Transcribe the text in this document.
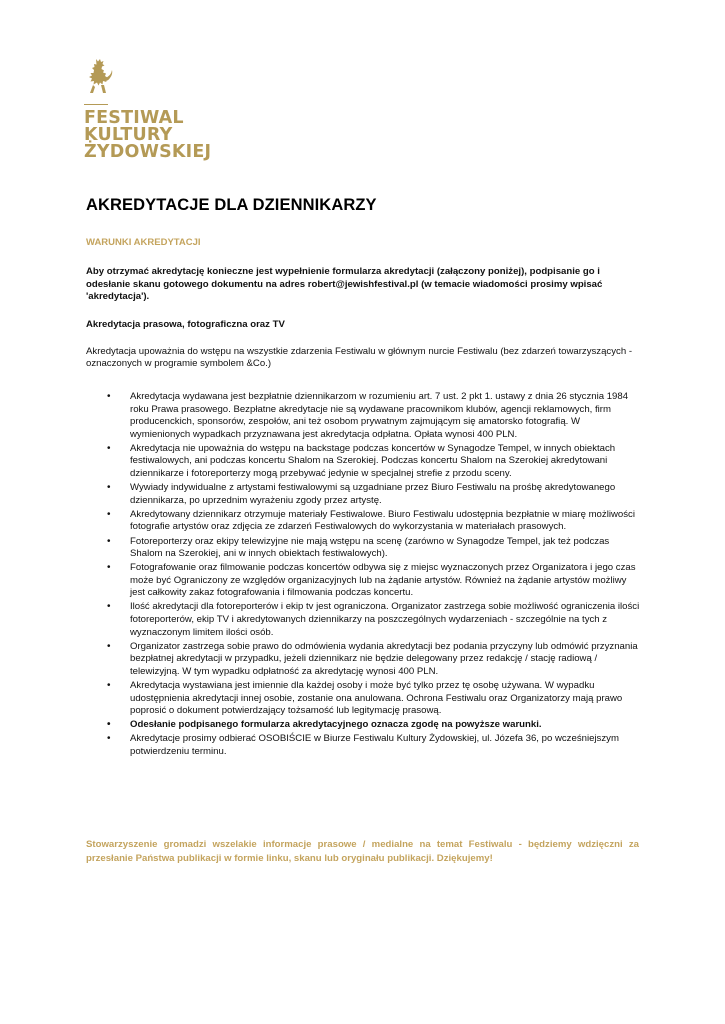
FESTIWAL
KULTURY
ŻYDOWSKIEJ
AKREDYTACJE DLA DZIENNIKARZY
WARUNKI AKREDYTACJI
Aby otrzymać akredytację konieczne jest wypełnienie formularza akredytacji (załączony poniżej), podpisanie go i odesłanie skanu gotowego dokumentu na adres robert@jewishfestival.pl (w temacie wiadomości prosimy wpisać 'akredytacja').
Akredytacja prasowa, fotograficzna oraz TV
Akredytacja upoważnia do wstępu na wszystkie zdarzenia Festiwalu w głównym nurcie Festiwalu (bez zdarzeń towarzyszących - oznaczonych w programie symbolem &Co.)
• Akredytacja wydawana jest bezpłatnie dziennikarzom w rozumieniu art. 7 ust. 2 pkt 1. ustawy z dnia 26 stycznia 1984 roku Prawa prasowego. Bezpłatne akredytacje nie są wydawane pracownikom klubów, agencji reklamowych, firm producenckich, sponsorów, zespołów, ani też osobom prywatnym zajmującym się amatorsko fotografią. W wymienionych wypadkach przyznawana jest akredytacja odpłatna. Opłata wynosi 400 PLN.
• Akredytacja nie upoważnia do wstępu na backstage podczas koncertów w Synagodze Tempel, w innych obiektach festiwalowych, ani podczas koncertu Shalom na Szerokiej. Podczas koncertu Shalom na Szerokiej akredytowani dziennikarze i fotoreporterzy mogą przebywać jedynie w specjalnej strefie z przodu sceny.
• Wywiady indywidualne z artystami festiwalowymi są uzgadniane przez Biuro Festiwalu na prośbę akredytowanego dziennikarza, po uprzednim wyrażeniu zgody przez artystę.
• Akredytowany dziennikarz otrzymuje materiały Festiwalowe. Biuro Festiwalu udostępnia bezpłatnie w miarę możliwości fotografie artystów oraz zdjęcia ze zdarzeń Festiwalowych do wykorzystania w materiałach prasowych.
• Fotoreporterzy oraz ekipy telewizyjne nie mają wstępu na scenę (zarówno w Synagodze Tempel, jak też podczas Shalom na Szerokiej, ani w innych obiektach festiwalowych).
• Fotografowanie oraz filmowanie podczas koncertów odbywa się z miejsc wyznaczonych przez Organizatora i jego czas może być Ograniczony ze względów organizacyjnych lub na żądanie artystów. Również na żądanie artystów możliwy jest całkowity zakaz fotografowania i filmowania podczas koncertu.
• Ilość akredytacji dla fotoreporterów i ekip tv jest ograniczona. Organizator zastrzega sobie możliwość ograniczenia ilości fotoreporterów, ekip TV i akredytowanych dziennikarzy na poszczególnych wydarzeniach - szczególnie na tych z wyznaczonym limitem ilości osób.
• Organizator zastrzega sobie prawo do odmówienia wydania akredytacji bez podania przyczyny lub odmówić przyznania bezpłatnej akredytacji w przypadku, jeżeli dziennikarz nie będzie delegowany przez redakcję / stację radiową / telewizyjną. W tym wypadku odpłatność za akredytację wynosi 400 PLN.
• Akredytacja wystawiana jest imiennie dla każdej osoby i może być tylko przez tę osobę używana. W wypadku udostępnienia akredytacji innej osobie, zostanie ona anulowana. Ochrona Festiwalu oraz Organizatorzy mają prawo poprosić o dokument potwierdzający tożsamość lub legitymację prasową.
• Odesłanie podpisanego formularza akredytacyjnego oznacza zgodę na powyższe warunki.
• Akredytacje prosimy odbierać OSOBIŚCIE w Biurze Festiwalu Kultury Żydowskiej, ul. Józefa 36, po wcześniejszym potwierdzeniu terminu.
Stowarzyszenie gromadzi wszelakie informacje prasowe / medialne na temat Festiwalu - będziemy wdzięczni za przesłanie Państwa publikacji w formie linku, skanu lub oryginału publikacji. Dziękujemy!
